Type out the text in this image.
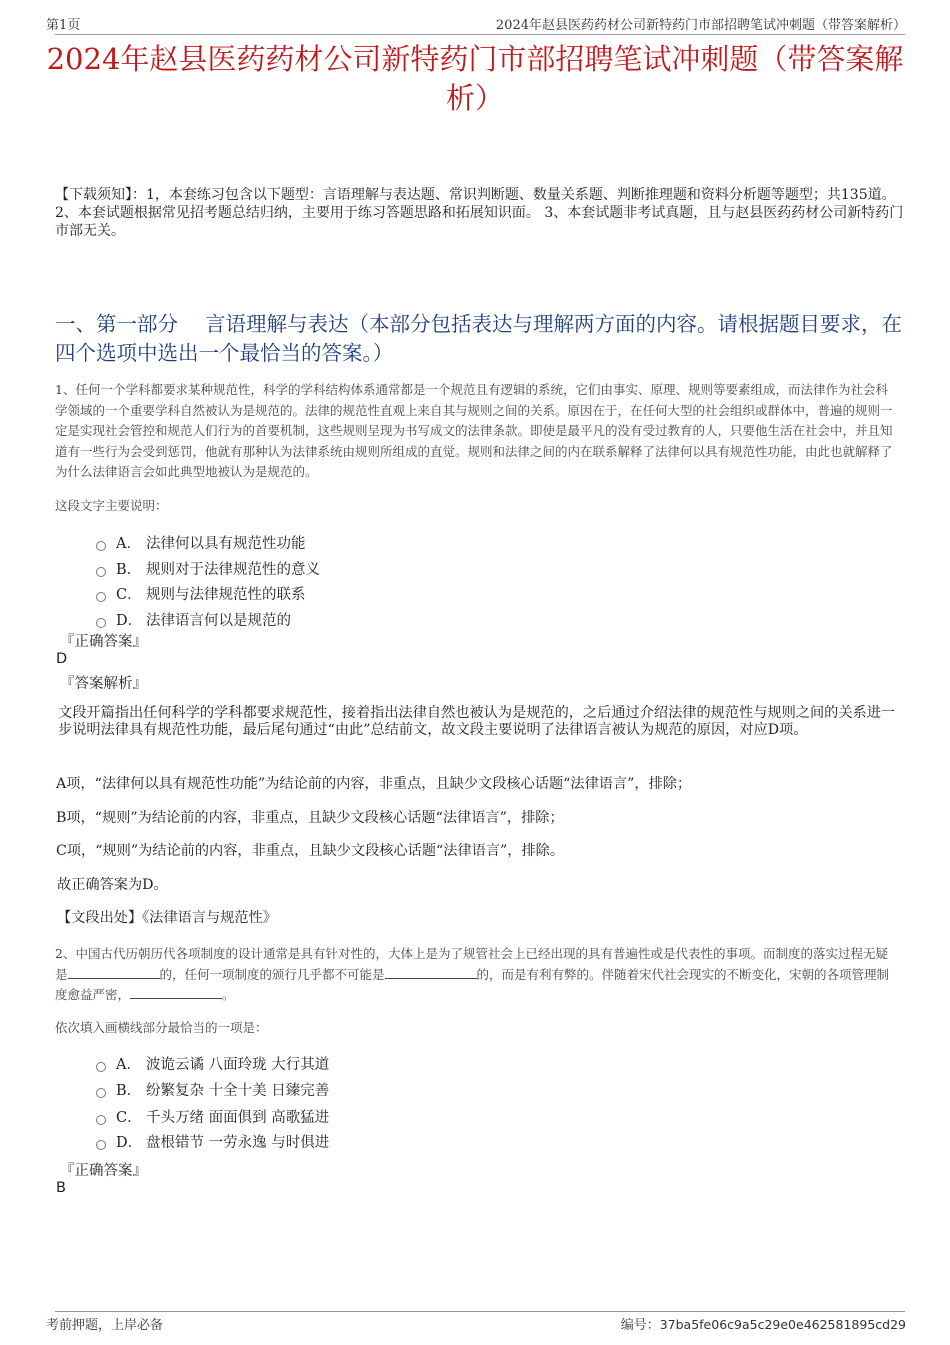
第1页	2024年赵县医药药材公司新特药门市部招聘笔试冲刺题（带答案解析）
2024年赵县医药药材公司新特药门市部招聘笔试冲刺题（带答案解析）

【下载须知】：1，本套练习包含以下题型：言语理解与表达题、常识判断题、数量关系题、判断推理题和资料分析题等题型；共135道。 2、本套试题根据常见招考题总结归纳，主要用于练习答题思路和拓展知识面。 3、本套试题非考试真题，且与赵县医药药材公司新特药门市部无关。

一、第一部分　 言语理解与表达（本部分包括表达与理解两方面的内容。请根据题目要求，在四个选项中选出一个最恰当的答案。）

1、任何一个学科都要求某种规范性，科学的学科结构体系通常都是一个规范且有逻辑的系统，它们由事实、原理、规则等要素组成，而法律作为社会科学领域的一个重要学科自然被认为是规范的。法律的规范性直观上来自其与规则之间的关系。原因在于，在任何大型的社会组织或群体中，普遍的规则一定是实现社会管控和规范人们行为的首要机制，这些规则呈现为书写成文的法律条款。即使是最平凡的没有受过教育的人，只要他生活在社会中，并且知道有一些行为会受到惩罚，他就有那种认为法律系统由规则所组成的直觉。规则和法律之间的内在联系解释了法律何以具有规范性功能，由此也就解释了为什么法律语言会如此典型地被认为是规范的。

这段文字主要说明：

A． 法律何以具有规范性功能
B． 规则对于法律规范性的意义
C． 规则与法律规范性的联系
D． 法律语言何以是规范的
『正确答案』
D
『答案解析』

文段开篇指出任何科学的学科都要求规范性，接着指出法律自然也被认为是规范的，之后通过介绍法律的规范性与规则之间的关系进一步说明法律具有规范性功能，最后尾句通过“由此”总结前文，故文段主要说明了法律语言被认为规范的原因，对应D项。

A项，“法律何以具有规范性功能”为结论前的内容，非重点，且缺少文段核心话题“法律语言”，排除；

B项，“规则”为结论前的内容，非重点，且缺少文段核心话题“法律语言”，排除；

C项，“规则”为结论前的内容，非重点，且缺少文段核心话题“法律语言”，排除。

故正确答案为D。

【文段出处】《法律语言与规范性》

2、中国古代历朝历代各项制度的设计通常是具有针对性的，大体上是为了规管社会上已经出现的具有普遍性或是代表性的事项。而制度的落实过程无疑是	的，任何一项制度的颁行几乎都不可能是	的，而是有利有弊的。伴随着宋代社会现实的不断变化，宋朝的各项管理制度愈益严密，	。

依次填入画横线部分最恰当的一项是：

A． 波诡云谲 八面玲珑 大行其道
B． 纷繁复杂 十全十美 日臻完善
C． 千头万绪 面面俱到 高歌猛进
D． 盘根错节 一劳永逸 与时俱进
『正确答案』
B
考前押题，上岸必备	编号：37ba5fe06c9a5c29e0e462581895cd29
